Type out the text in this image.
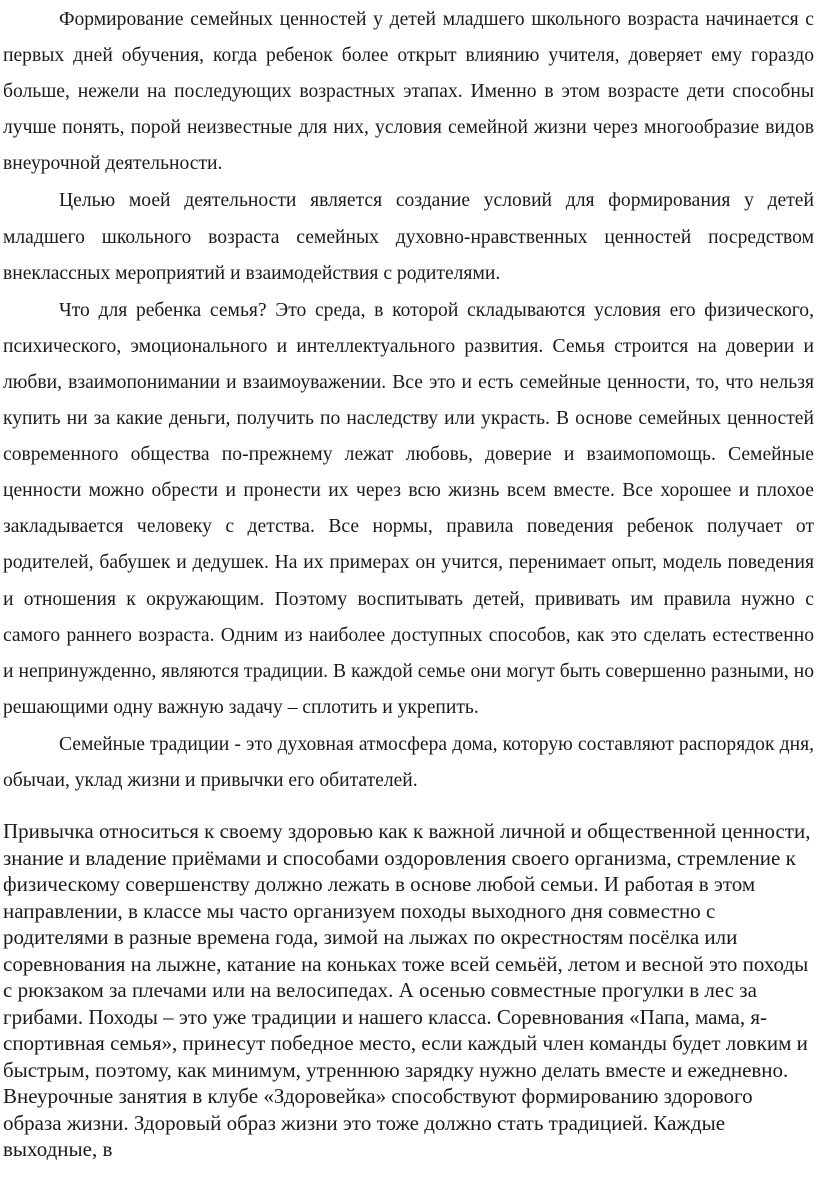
Формирование семейных ценностей у детей младшего школьного возраста начинается с первых дней обучения, когда ребенок более открыт влиянию учителя, доверяет ему гораздо больше, нежели на последующих возрастных этапах. Именно в этом возрасте дети способны лучше понять, порой неизвестные для них, условия семейной жизни через многообразие видов внеурочной деятельности.

Целью моей деятельности является создание условий для формирования у детей младшего школьного возраста семейных духовно-нравственных ценностей посредством внеклассных мероприятий и взаимодействия с родителями.

Что для ребенка семья? Это среда, в которой складываются условия его физического, психического, эмоционального и интеллектуального развития. Семья строится на доверии и любви, взаимопонимании и взаимоуважении. Все это и есть семейные ценности, то, что нельзя купить ни за какие деньги, получить по наследству или украсть. В основе семейных ценностей современного общества по-прежнему лежат любовь, доверие и взаимопомощь. Семейные ценности можно обрести и пронести их через всю жизнь всем вместе. Все хорошее и плохое закладывается человеку с детства. Все нормы, правила поведения ребенок получает от родителей, бабушек и дедушек. На их примерах он учится, перенимает опыт, модель поведения и отношения к окружающим. Поэтому воспитывать детей, прививать им правила нужно с самого раннего возраста. Одним из наиболее доступных способов, как это сделать естественно и непринужденно, являются традиции. В каждой семье они могут быть совершенно разными, но решающими одну важную задачу – сплотить и укрепить.

Семейные традиции - это духовная атмосфера дома, которую составляют распорядок дня, обычаи, уклад жизни и привычки его обитателей.

Привычка относиться к своему здоровью как к важной личной и общественной ценности, знание и владение приёмами и способами оздоровления своего организма, стремление к физическому совершенству должно лежать в основе любой семьи. И работая в этом направлении, в классе мы часто организуем походы выходного дня совместно с родителями в разные времена года, зимой на лыжах по окрестностям посёлка или соревнования на лыжне, катание на коньках тоже всей семьёй, летом и весной это походы с рюкзаком за плечами или на велосипедах. А осенью совместные прогулки в лес за грибами. Походы – это уже традиции и нашего класса. Соревнования «Папа, мама, я- спортивная семья», принесут победное место, если каждый член команды будет ловким и быстрым, поэтому, как минимум, утреннюю зарядку нужно делать вместе и ежедневно. Внеурочные занятия в клубе «Здоровейка» способствуют формированию здорового образа жизни. Здоровый образ жизни это тоже должно стать традицией. Каждые выходные, в
